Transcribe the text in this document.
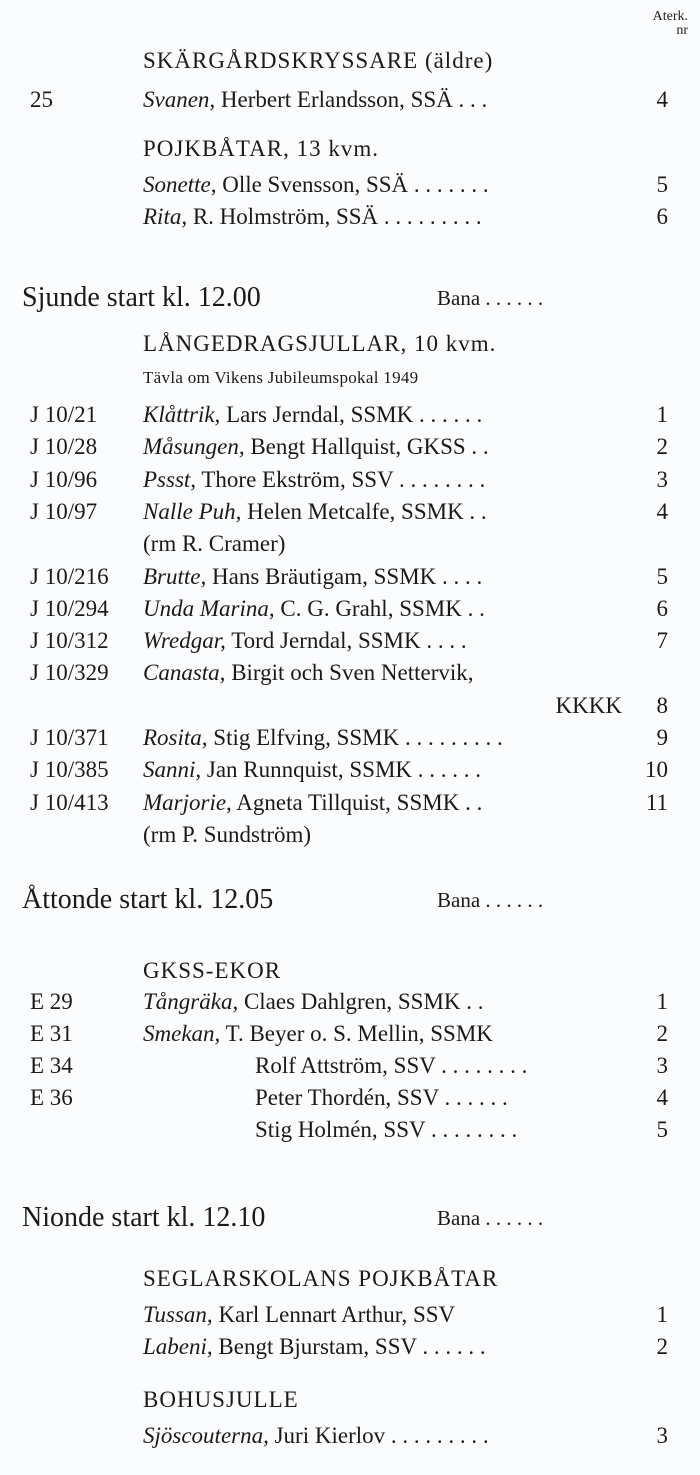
Aterk.
nr
SKÄRGÅRDSKRYSSARE (äldre)
25	Svanen, Herbert Erlandsson, SSÄ . . .	4
POJKBÅTAR, 13 kvm.
Sonette, Olle Svensson, SSÄ . . . . . . .	5
Rita, R. Holmström, SSÄ . . . . . . . . .	6
Sjunde start kl. 12.00	Bana . . . . . .
LÅNGEDRAGSJULLAR, 10 kvm.
Tävla om Vikens Jubileumspokal 1949
J 10/21 Klåttrik, Lars Jerndal, SSMK . . . . . .	1
J 10/28 Måsungen, Bengt Hallquist, GKSS . .	2
J 10/96 Pssst, Thore Ekström, SSV . . . . . . . .	3
J 10/97 Nalle Puh, Helen Metcalfe, SSMK . .	4
(rm R. Cramer)
J 10/216 Brutte, Hans Bräutigam, SSMK . . . .	5
J 10/294 Unda Marina, C. G. Grahl, SSMK . .	6
J 10/312 Wredgar, Tord Jerndal, SSMK . . . .	7
J 10/329 Canasta, Birgit och Sven Nettervik,
KKKK 8
J 10/371 Rosita, Stig Elfving, SSMK . . . . . . . . .	9
J 10/385 Sanni, Jan Runnquist, SSMK . . . . . .	10
J 10/413 Marjorie, Agneta Tillquist, SSMK . .	11
(rm P. Sundström)
Åttonde start kl. 12.05	Bana . . . . . .
GKSS-EKOR
E 29	Tångräka, Claes Dahlgren, SSMK . .	1
E 31	Smekan, T. Beyer o. S. Mellin, SSMK	2
E 34	Rolf Attström, SSV . . . . . . . .	3
E 36	Peter Thordén, SSV . . . . . .	4
Stig Holmén, SSV . . . . . . . .	5
Nionde start kl. 12.10	Bana . . . . . .
SEGLARSKOLANS POJKBÅTAR
Tussan, Karl Lennart Arthur, SSV	1
Labeni, Bengt Bjurstam, SSV . . . . . .	2
BOHUSJULLE
Sjöscouterna, Juri Kierlov . . . . . . . . .	3
